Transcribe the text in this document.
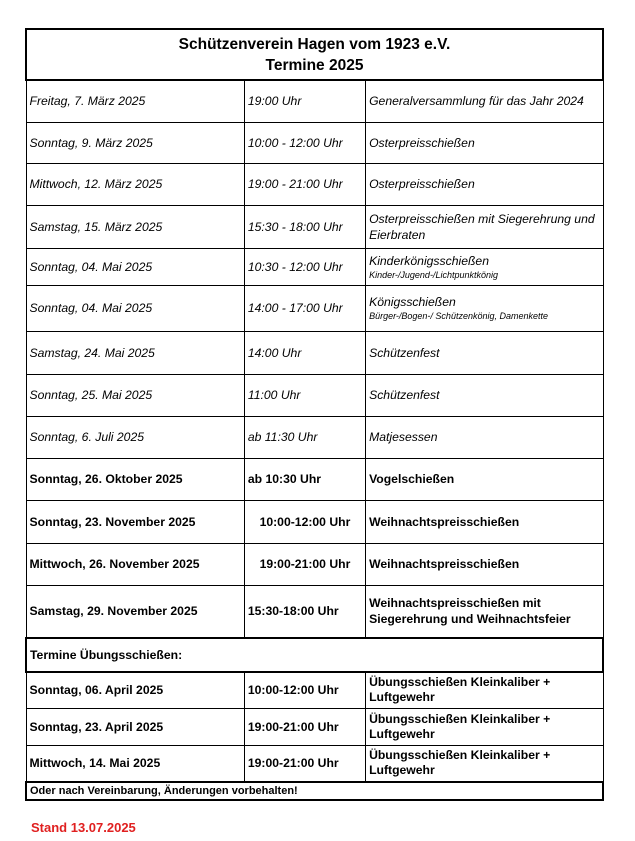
Schützenverein Hagen vom 1923 e.V.
Termine 2025		

Freitag, 7. März 2025	19:00 Uhr	Generalversammlung für das Jahr 2024
Sonntag, 9. März 2025	10:00 - 12:00 Uhr	Osterpreisschießen
Mittwoch, 12. März 2025	19:00 - 21:00 Uhr	Osterpreisschießen
Samstag, 15. März 2025	15:30 - 18:00 Uhr	Osterpreisschießen mit Siegerehrung und Eierbraten
Sonntag, 04. Mai 2025	10:30 - 12:00 Uhr	Kinderkönigsschießen
Kinder-/Jugend-/Lichtpunktkönig

Sonntag, 04. Mai 2025	14:00 - 17:00 Uhr	Königsschießen
Bürger-/Bogen-/ Schützenkönig, Damenkette

Samstag, 24. Mai 2025	14:00 Uhr	Schützenfest
Sonntag, 25. Mai 2025	11:00 Uhr	Schützenfest
Sonntag, 6. Juli 2025	ab 11:30 Uhr	Matjesessen
Sonntag, 26. Oktober 2025	ab 10:30 Uhr	Vogelschießen
Sonntag, 23. November 2025	10:00-12:00 Uhr	Weihnachtspreisschießen
Mittwoch, 26. November 2025	19:00-21:00 Uhr	Weihnachtspreisschießen
Samstag, 29. November 2025	15:30-18:00 Uhr	Weihnachtspreisschießen mit Siegerehrung und Weihnachtsfeier
Termine Übungsschießen:		
Sonntag, 06. April 2025	10:00-12:00 Uhr	Übungsschießen Kleinkaliber + Luftgewehr
Sonntag, 23. April 2025	19:00-21:00 Uhr	Übungsschießen Kleinkaliber + Luftgewehr
Mittwoch, 14. Mai 2025	19:00-21:00 Uhr	Übungsschießen Kleinkaliber + Luftgewehr
Oder nach Vereinbarung, Änderungen vorbehalten!		
Stand 13.07.2025
